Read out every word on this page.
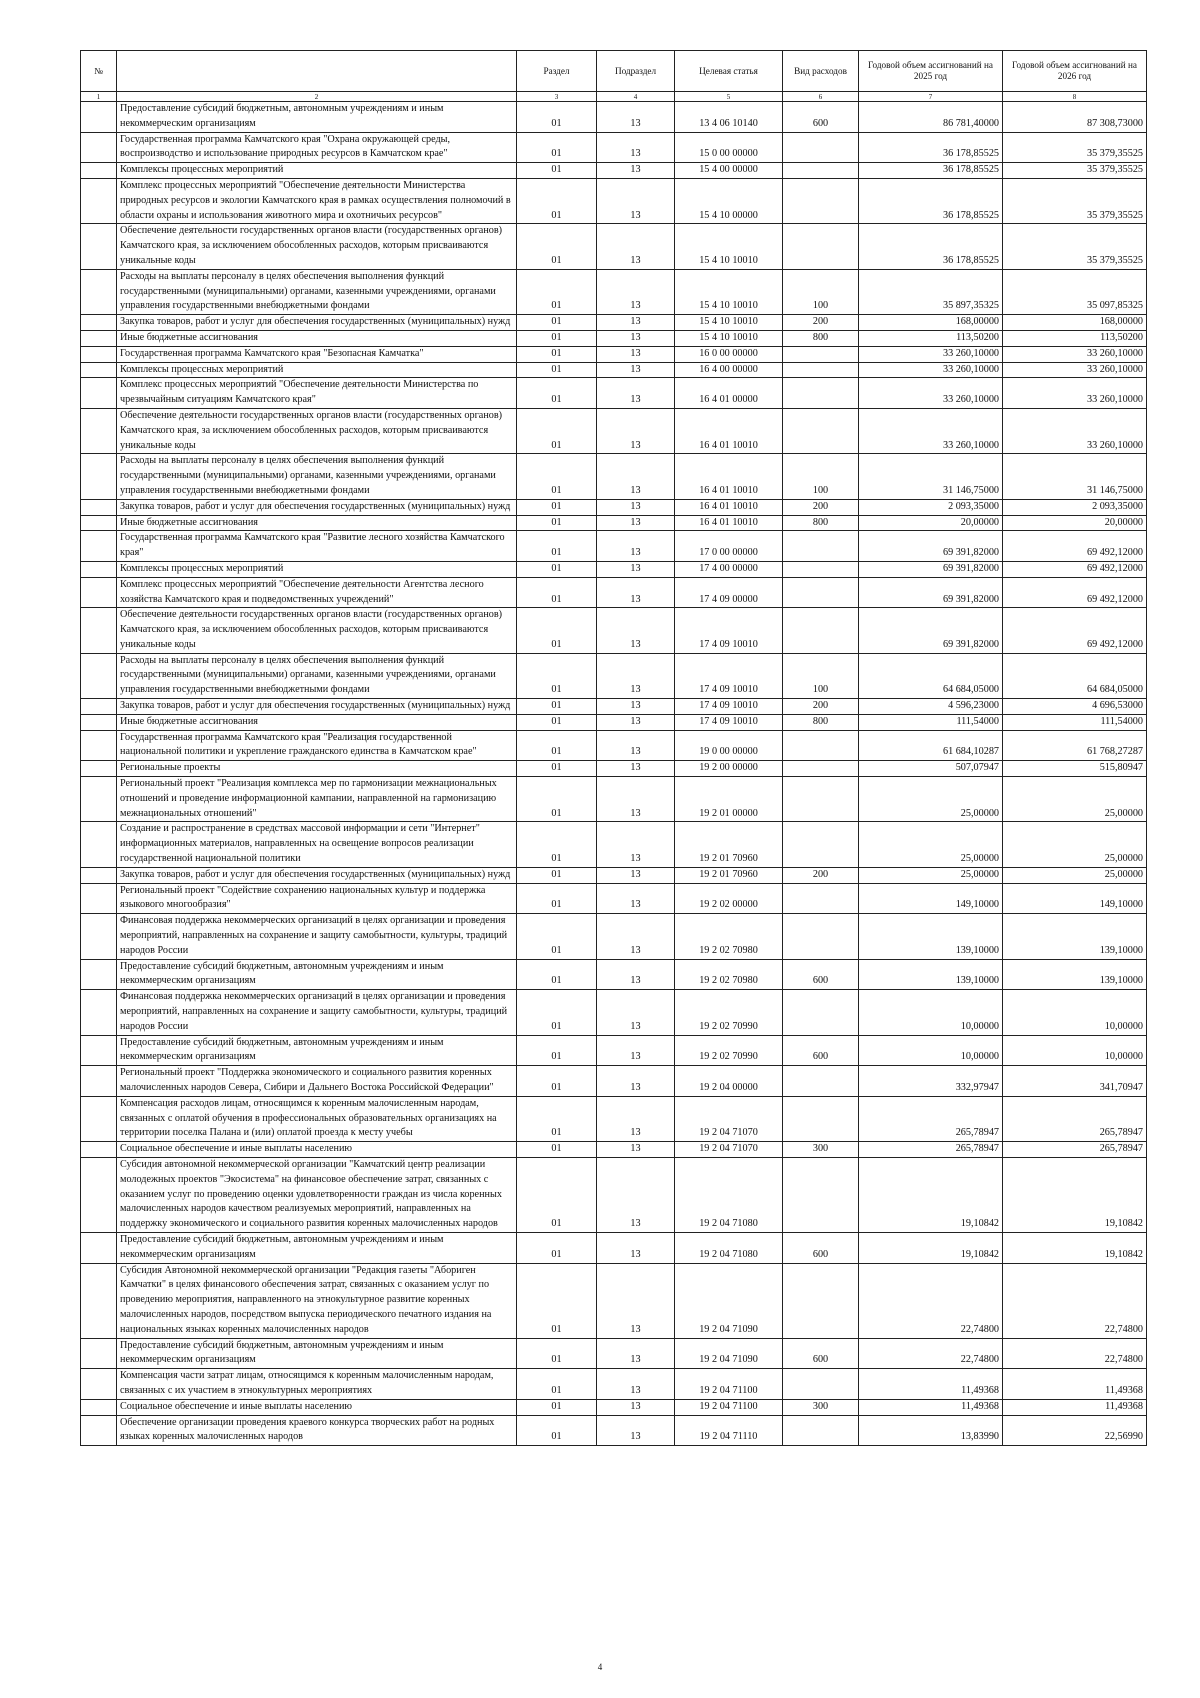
№		Раздел	Подраздел	Целевая статья	Вид расходов	Годовой объем ассигнований на 2025 год	Годовой объем ассигнований на 2026 год
1	2	3	4	5	6	7	8
	Предоставление субсидий бюджетным, автономным учреждениям и иным некоммерческим организациям	01	13	13 4 06 10140	600	86 781,40000	87 308,73000
	Государственная программа Камчатского края "Охрана окружающей среды, воспроизводство и использование природных ресурсов в Камчатском крае"	01	13	15 0 00 00000		36 178,85525	35 379,35525
	Комплексы процессных мероприятий	01	13	15 4 00 00000		36 178,85525	35 379,35525
	Комплекс процессных мероприятий "Обеспечение деятельности Министерства природных ресурсов и экологии Камчатского края в рамках осуществления полномочий в области охраны и использования животного мира и охотничьих ресурсов"	01	13	15 4 10 00000		36 178,85525	35 379,35525
	Обеспечение деятельности государственных органов власти (государственных органов) Камчатского края, за исключением обособленных расходов, которым присваиваются уникальные коды	01	13	15 4 10 10010		36 178,85525	35 379,35525
	Расходы на выплаты персоналу в целях обеспечения выполнения функций государственными (муниципальными) органами, казенными учреждениями, органами управления государственными внебюджетными фондами	01	13	15 4 10 10010	100	35 897,35325	35 097,85325
	Закупка товаров, работ и услуг для обеспечения государственных (муниципальных) нужд	01	13	15 4 10 10010	200	168,00000	168,00000
	Иные бюджетные ассигнования	01	13	15 4 10 10010	800	113,50200	113,50200
	Государственная программа Камчатского края "Безопасная Камчатка"	01	13	16 0 00 00000		33 260,10000	33 260,10000
	Комплексы процессных мероприятий	01	13	16 4 00 00000		33 260,10000	33 260,10000
	Комплекс процессных мероприятий "Обеспечение деятельности Министерства по чрезвычайным ситуациям Камчатского края"	01	13	16 4 01 00000		33 260,10000	33 260,10000
	Обеспечение деятельности государственных органов власти (государственных органов) Камчатского края, за исключением обособленных расходов, которым присваиваются уникальные коды	01	13	16 4 01 10010		33 260,10000	33 260,10000
	Расходы на выплаты персоналу в целях обеспечения выполнения функций государственными (муниципальными) органами, казенными учреждениями, органами управления государственными внебюджетными фондами	01	13	16 4 01 10010	100	31 146,75000	31 146,75000
	Закупка товаров, работ и услуг для обеспечения государственных (муниципальных) нужд	01	13	16 4 01 10010	200	2 093,35000	2 093,35000
	Иные бюджетные ассигнования	01	13	16 4 01 10010	800	20,00000	20,00000
	Государственная программа Камчатского края "Развитие лесного хозяйства Камчатского края"	01	13	17 0 00 00000		69 391,82000	69 492,12000
	Комплексы процессных мероприятий	01	13	17 4 00 00000		69 391,82000	69 492,12000
	Комплекс процессных мероприятий "Обеспечение деятельности Агентства лесного хозяйства Камчатского края и подведомственных учреждений"	01	13	17 4 09 00000		69 391,82000	69 492,12000
	Обеспечение деятельности государственных органов власти (государственных органов) Камчатского края, за исключением обособленных расходов, которым присваиваются уникальные коды	01	13	17 4 09 10010		69 391,82000	69 492,12000
	Расходы на выплаты персоналу в целях обеспечения выполнения функций государственными (муниципальными) органами, казенными учреждениями, органами управления государственными внебюджетными фондами	01	13	17 4 09 10010	100	64 684,05000	64 684,05000
	Закупка товаров, работ и услуг для обеспечения государственных (муниципальных) нужд	01	13	17 4 09 10010	200	4 596,23000	4 696,53000
	Иные бюджетные ассигнования	01	13	17 4 09 10010	800	111,54000	111,54000
	Государственная программа Камчатского края "Реализация государственной национальной политики и укрепление гражданского единства в Камчатском крае"	01	13	19 0 00 00000		61 684,10287	61 768,27287
	Региональные проекты	01	13	19 2 00 00000		507,07947	515,80947
	Региональный проект "Реализация комплекса мер по гармонизации межнациональных отношений и проведение информационной кампании, направленной на гармонизацию межнациональных отношений"	01	13	19 2 01 00000		25,00000	25,00000
	Создание и распространение в средствах массовой информации и сети "Интернет" информационных материалов, направленных на освещение вопросов реализации государственной национальной политики	01	13	19 2 01 70960		25,00000	25,00000
	Закупка товаров, работ и услуг для обеспечения государственных (муниципальных) нужд	01	13	19 2 01 70960	200	25,00000	25,00000
	Региональный проект "Содействие сохранению национальных культур и поддержка языкового многообразия"	01	13	19 2 02 00000		149,10000	149,10000
	Финансовая поддержка некоммерческих организаций в целях организации и проведения мероприятий, направленных на сохранение и защиту самобытности, культуры, традиций народов России	01	13	19 2 02 70980		139,10000	139,10000
	Предоставление субсидий бюджетным, автономным учреждениям и иным некоммерческим организациям	01	13	19 2 02 70980	600	139,10000	139,10000
	Финансовая поддержка некоммерческих организаций в целях организации и проведения мероприятий, направленных на сохранение и защиту самобытности, культуры, традиций народов России	01	13	19 2 02 70990		10,00000	10,00000
	Предоставление субсидий бюджетным, автономным учреждениям и иным некоммерческим организациям	01	13	19 2 02 70990	600	10,00000	10,00000
	Региональный проект "Поддержка экономического и социального развития коренных малочисленных народов Севера, Сибири и Дальнего Востока Российской Федерации"	01	13	19 2 04 00000		332,97947	341,70947
	Компенсация расходов лицам, относящимся к коренным малочисленным народам, связанных с оплатой обучения в профессиональных образовательных организациях на территории поселка Палана и (или) оплатой проезда к месту учебы	01	13	19 2 04 71070		265,78947	265,78947
	Социальное обеспечение и иные выплаты населению	01	13	19 2 04 71070	300	265,78947	265,78947
	Субсидия автономной некоммерческой организации "Камчатский центр реализации молодежных проектов "Экосистема" на финансовое обеспечение затрат, связанных с оказанием услуг по проведению оценки удовлетворенности граждан из числа коренных малочисленных народов качеством реализуемых мероприятий, направленных на поддержку экономического и социального развития коренных малочисленных народов	01	13	19 2 04 71080		19,10842	19,10842
	Предоставление субсидий бюджетным, автономным учреждениям и иным некоммерческим организациям	01	13	19 2 04 71080	600	19,10842	19,10842
	Субсидия Автономной некоммерческой организации "Редакция газеты "Абориген Камчатки" в целях финансового обеспечения затрат, связанных с оказанием услуг по проведению мероприятия, направленного на этнокультурное развитие коренных малочисленных народов, посредством выпуска периодического печатного издания на национальных языках коренных малочисленных народов	01	13	19 2 04 71090		22,74800	22,74800
	Предоставление субсидий бюджетным, автономным учреждениям и иным некоммерческим организациям	01	13	19 2 04 71090	600	22,74800	22,74800
	Компенсация части затрат лицам, относящимся к коренным малочисленным народам, связанных с их участием в этнокультурных мероприятиях	01	13	19 2 04 71100		11,49368	11,49368
	Социальное обеспечение и иные выплаты населению	01	13	19 2 04 71100	300	11,49368	11,49368
	Обеспечение организации проведения краевого конкурса творческих работ на родных языках коренных малочисленных народов	01	13	19 2 04 71110		13,83990	22,56990
4
